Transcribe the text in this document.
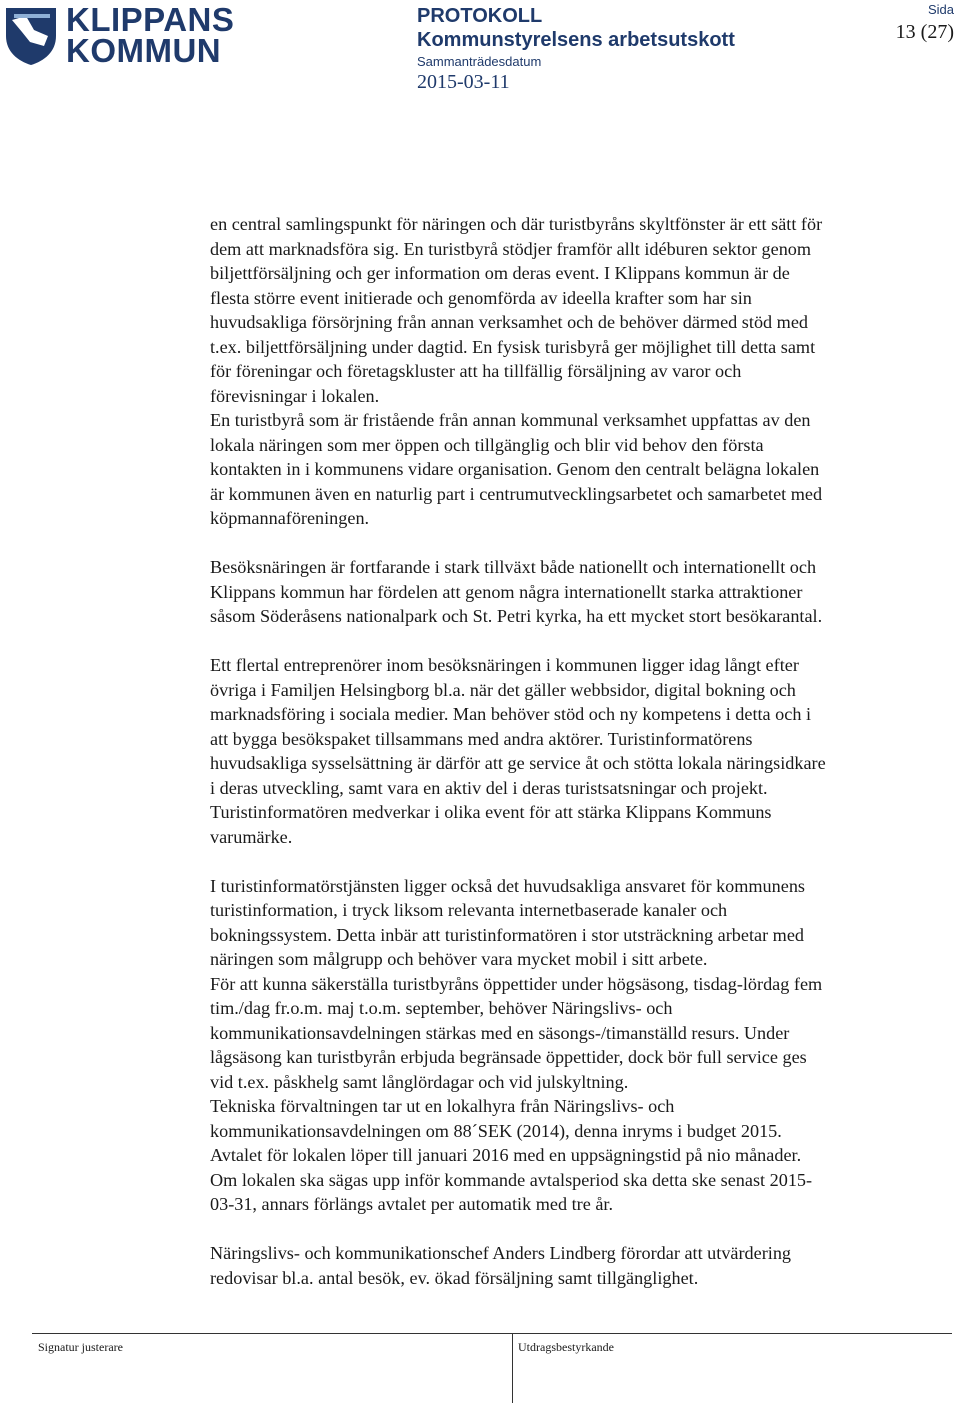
KLIPPANS
KOMMUN
PROTOKOLL
Kommunstyrelsens arbetsutskott
Sammanträdesdatum
2015-03-11
Sida
13 (27)

en central samlingspunkt för näringen och där turistbyråns skyltfönster är ett sätt för
dem att marknadsföra sig. En turistbyrå stödjer framför allt idéburen sektor genom
biljettförsäljning och ger information om deras event. I Klippans kommun är de
flesta större event initierade och genomförda av ideella krafter som har sin
huvudsakliga försörjning från annan verksamhet och de behöver därmed stöd med
t.ex. biljettförsäljning under dagtid. En fysisk turisbyrå ger möjlighet till detta samt
för föreningar och företagskluster att ha tillfällig försäljning av varor och
förevisningar i lokalen.
En turistbyrå som är fristående från annan kommunal verksamhet uppfattas av den
lokala näringen som mer öppen och tillgänglig och blir vid behov den första
kontakten in i kommunens vidare organisation. Genom den centralt belägna lokalen
är kommunen även en naturlig part i centrumutvecklingsarbetet och samarbetet med
köpmannaföreningen.

Besöksnäringen är fortfarande i stark tillväxt både nationellt och internationellt och
Klippans kommun har fördelen att genom några internationellt starka attraktioner
såsom Söderåsens nationalpark och St. Petri kyrka, ha ett mycket stort besökarantal.

Ett flertal entreprenörer inom besöksnäringen i kommunen ligger idag långt efter
övriga i Familjen Helsingborg bl.a. när det gäller webbsidor, digital bokning och
marknadsföring i sociala medier. Man behöver stöd och ny kompetens i detta och i
att bygga besökspaket tillsammans med andra aktörer. Turistinformatörens
huvudsakliga sysselsättning är därför att ge service åt och stötta lokala näringsidkare
i deras utveckling, samt vara en aktiv del i deras turistsatsningar och projekt.
Turistinformatören medverkar i olika event för att stärka Klippans Kommuns
varumärke.

I turistinformatörstjänsten ligger också det huvudsakliga ansvaret för kommunens
turistinformation, i tryck liksom relevanta internetbaserade kanaler och
bokningssystem. Detta inbär att turistinformatören i stor utsträckning arbetar med
näringen som målgrupp och behöver vara mycket mobil i sitt arbete.
För att kunna säkerställa turistbyråns öppettider under högsäsong, tisdag-lördag fem
tim./dag fr.o.m. maj t.o.m. september, behöver Näringslivs- och
kommunikationsavdelningen stärkas med en säsongs-/timanställd resurs. Under
lågsäsong kan turistbyrån erbjuda begränsade öppettider, dock bör full service ges
vid t.ex. påskhelg samt långlördagar och vid julskyltning.
Tekniska förvaltningen tar ut en lokalhyra från Näringslivs- och
kommunikationsavdelningen om 88´SEK (2014), denna inryms i budget 2015.
Avtalet för lokalen löper till januari 2016 med en uppsägningstid på nio månader.
Om lokalen ska sägas upp inför kommande avtalsperiod ska detta ske senast 2015-
03-31, annars förlängs avtalet per automatik med tre år.

Näringslivs- och kommunikationschef Anders Lindberg förordar att utvärdering
redovisar bl.a. antal besök, ev. ökad försäljning samt tillgänglighet.

Signatur justerare	Utdragsbestyrkande
